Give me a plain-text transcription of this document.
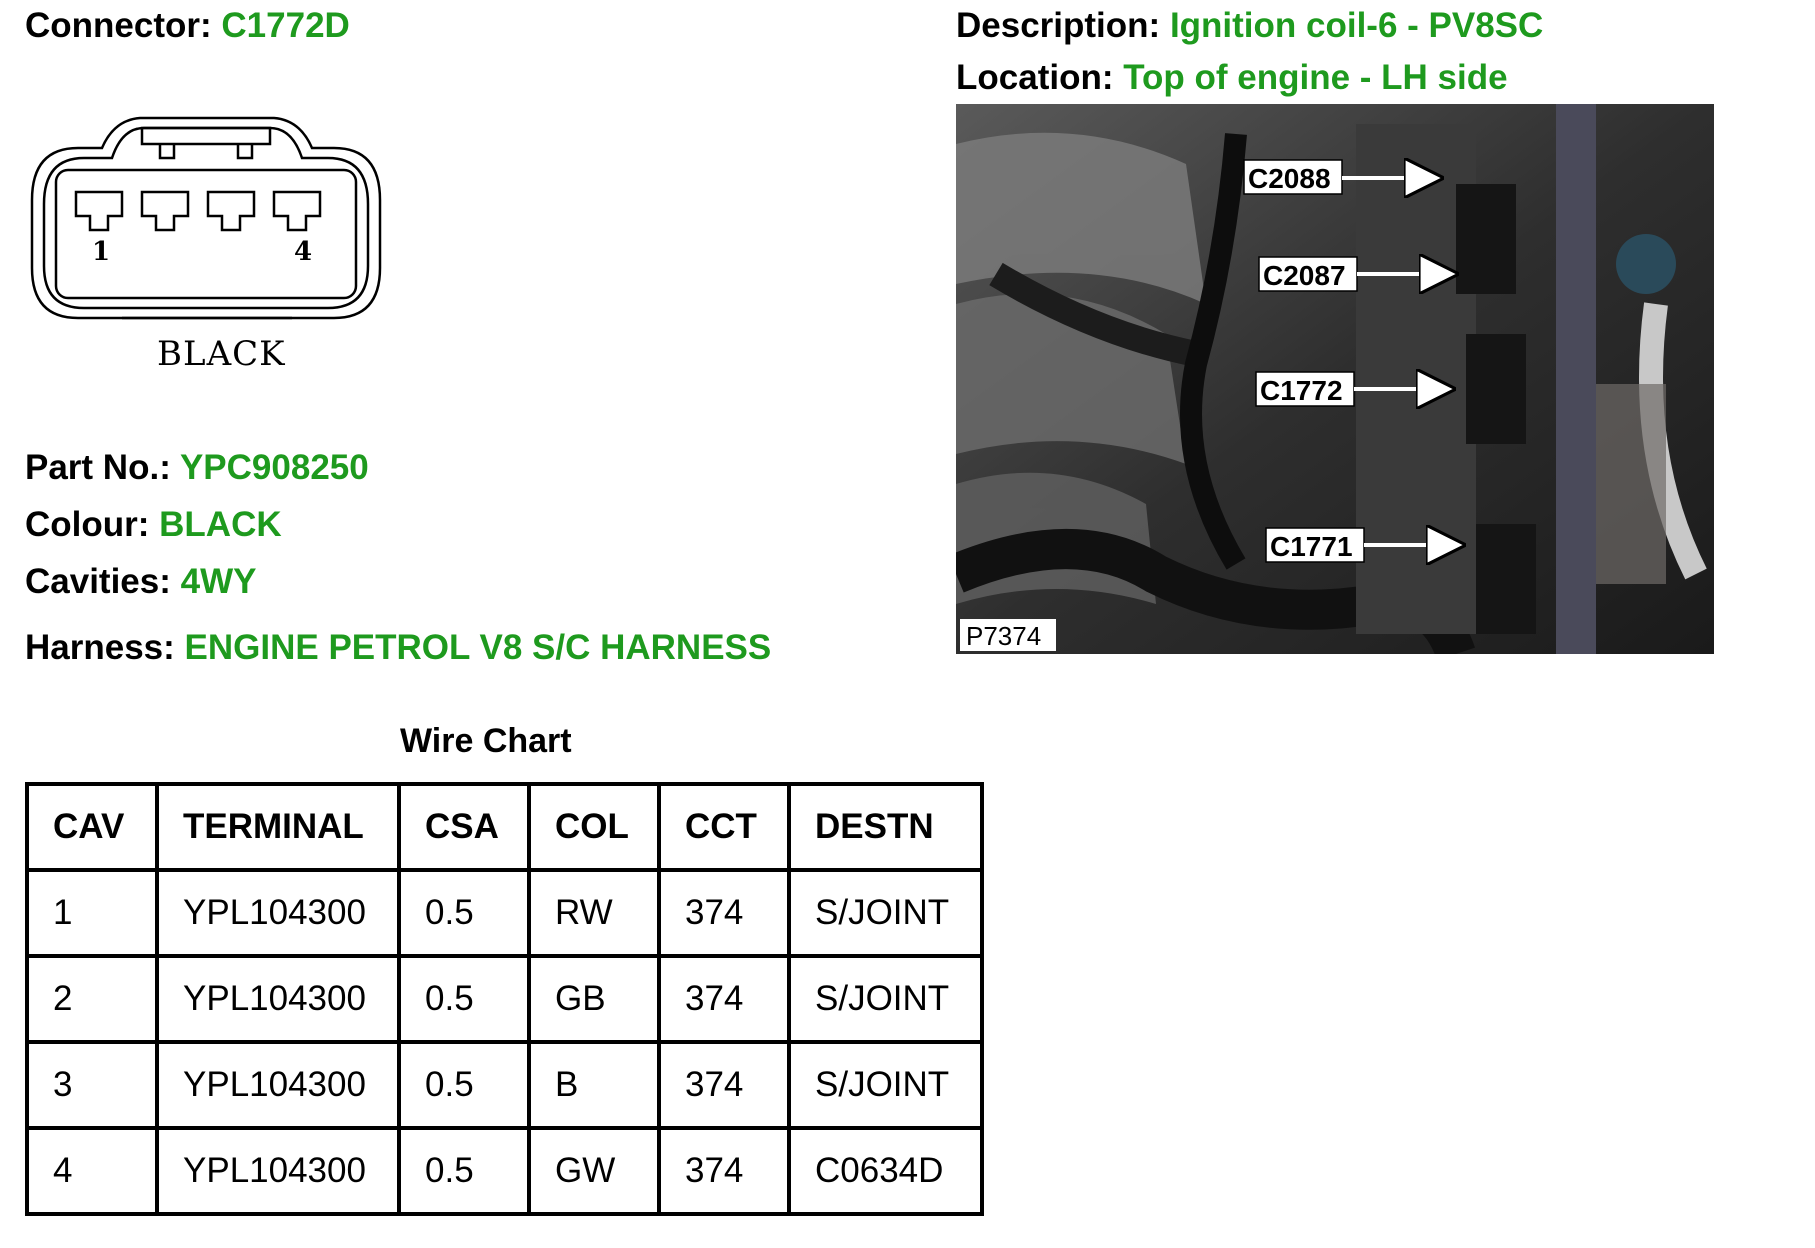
Connector: C1772D	Description: Ignition coil-6 - PV8SC
Location: Top of engine - LH side
1	4
BLACK
Part No.: YPC908250
Colour: BLACK
Cavities: 4WY
Harness: ENGINE PETROL V8 S/C HARNESS
C2088
C2087
C1772
C1771
P7374
Wire Chart
CAV	TERMINAL	CSA	COL	CCT	DESTN
1	YPL104300	0.5	RW	374	S/JOINT
2	YPL104300	0.5	GB	374	S/JOINT
3	YPL104300	0.5	B	374	S/JOINT
4	YPL104300	0.5	GW	374	C0634D
